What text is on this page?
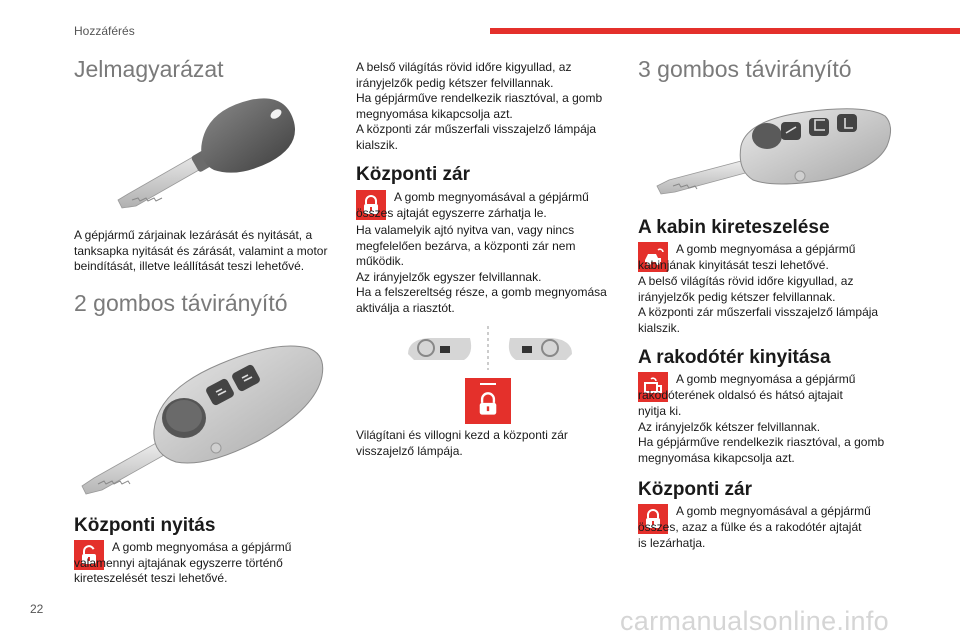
Hozzáférés
22	carmanualsonline.info
Jelmagyarázat

A gépjármű zárjainak lezárását és nyitását, a tanksapka nyitását és zárását, valamint a motor beindítását, illetve leállítását teszi lehetővé.

2 gombos távirányító
Központi nyitás

A gomb megnyomása a gépjármű valamennyi ajtajának egyszerre történő kireteszelését teszi lehetővé.

A belső világítás rövid időre kigyullad, az irányjelzők pedig kétszer felvillannak.
Ha gépjárműve rendelkezik riasztóval, a gomb megnyomása kikapcsolja azt.
A központi zár műszerfali visszajelző lámpája kialszik.

Központi zár

A gomb megnyomásával a gépjármű összes ajtaját egyszerre zárhatja le.

Ha valamelyik ajtó nyitva van, vagy nincs megfelelően bezárva, a központi zár nem működik.
Az irányjelzők egyszer felvillannak.
Ha a felszereltség része, a gomb megnyomása aktiválja a riasztót.

Világítani és villogni kezd a központi zár visszajelző lámpája.

3 gombos távirányító
A kabin kireteszelése

A gomb megnyomása a gépjármű kabinjának kinyitását teszi lehetővé.

A belső világítás rövid időre kigyullad, az irányjelzők pedig kétszer felvillannak.
A központi zár műszerfali visszajelző lámpája kialszik.

A rakodótér kinyitása

A gomb megnyomása a gépjármű rakodóterének oldalsó és hátsó ajtajait

nyitja ki.
Az irányjelzők kétszer felvillannak.
Ha gépjárműve rendelkezik riasztóval, a gomb megnyomása kikapcsolja azt.

Központi zár

A gomb megnyomásával a gépjármű összes, azaz a fülke és a rakodótér ajtaját

is lezárhatja.
